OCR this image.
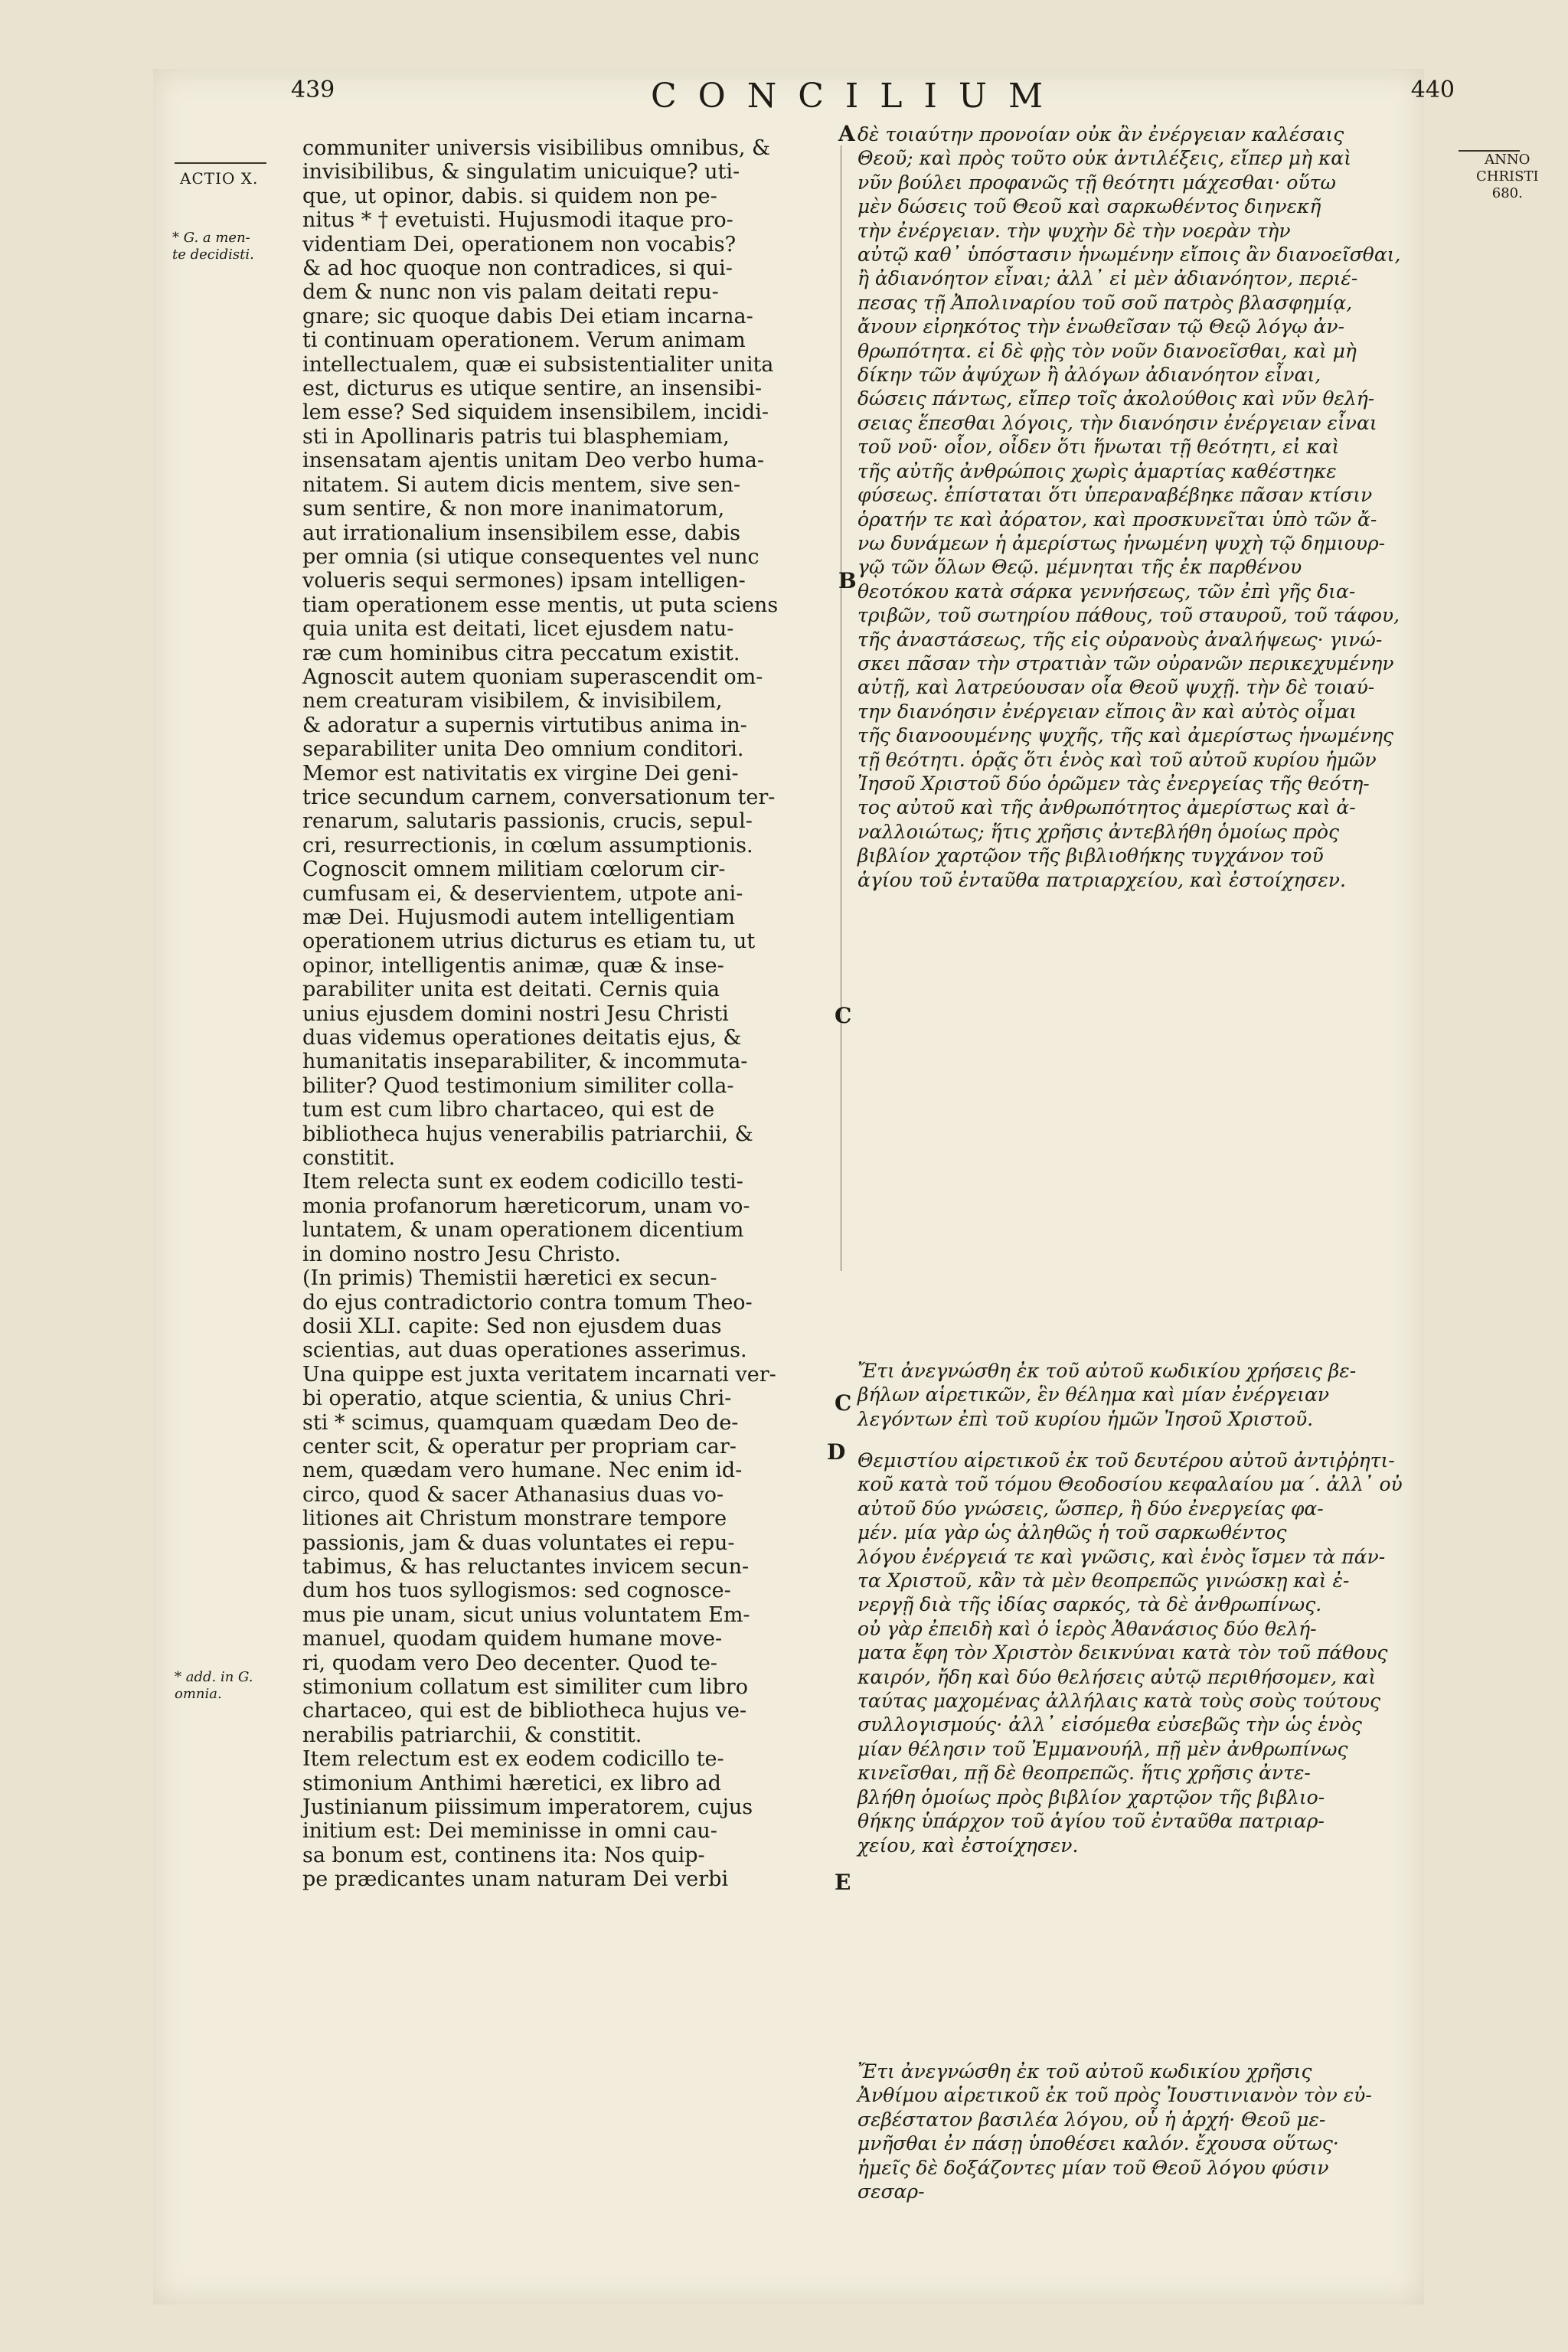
439	CONCILIUM	440
ACTIO X.
* G. a men-
te decidisti.
* add. in G.
omnia.
ANNO
CHRISTI
680.
A
B
C
C
D
E
communiter universis visibilibus omnibus, &
invisibilibus, & singulatim unicuique? uti-
que, ut opinor, dabis. si quidem non pe-
nitus * † evetuisti. Hujusmodi itaque pro-
videntiam Dei, operationem non vocabis?
& ad hoc quoque non contradices, si qui-
dem & nunc non vis palam deitati repu-
gnare; sic quoque dabis Dei etiam incarna-
ti continuam operationem. Verum animam
intellectualem, quæ ei subsistentialiter unita
est, dicturus es utique sentire, an insensibi-
lem esse? Sed siquidem insensibilem, incidi-
sti in Apollinaris patris tui blasphemiam,
insensatam ajentis unitam Deo verbo huma-
nitatem. Si autem dicis mentem, sive sen-
sum sentire, & non more inanimatorum,
aut irrationalium insensibilem esse, dabis
per omnia (si utique consequentes vel nunc
volueris sequi sermones) ipsam intelligen-
tiam operationem esse mentis, ut puta sciens
quia unita est deitati, licet ejusdem natu-
ræ cum hominibus citra peccatum existit.
Agnoscit autem quoniam superascendit om-
nem creaturam visibilem, & invisibilem,
& adoratur a supernis virtutibus anima in-
separabiliter unita Deo omnium conditori.
Memor est nativitatis ex virgine Dei geni-
trice secundum carnem, conversationum ter-
renarum, salutaris passionis, crucis, sepul-
cri, resurrectionis, in cœlum assumptionis.
Cognoscit omnem militiam cœlorum cir-
cumfusam ei, & deservientem, utpote ani-
mæ Dei. Hujusmodi autem intelligentiam
operationem utrius dicturus es etiam tu, ut
opinor, intelligentis animæ, quæ & inse-
parabiliter unita est deitati. Cernis quia
unius ejusdem domini nostri Jesu Christi
duas videmus operationes deitatis ejus, &
humanitatis inseparabiliter, & incommuta-
biliter? Quod testimonium similiter colla-
tum est cum libro chartaceo, qui est de
bibliotheca hujus venerabilis patriarchii, &
constitit.
Item relecta sunt ex eodem codicillo testi-
monia profanorum hæreticorum, unam vo-
luntatem, & unam operationem dicentium
in domino nostro Jesu Christo.
(In primis) Themistii hæretici ex secun-
do ejus contradictorio contra tomum Theo-
dosii XLI. capite: Sed non ejusdem duas
scientias, aut duas operationes asserimus.
Una quippe est juxta veritatem incarnati ver-
bi operatio, atque scientia, & unius Chri-
sti * scimus, quamquam quædam Deo de-
center scit, & operatur per propriam car-
nem, quædam vero humane. Nec enim id-
circo, quod & sacer Athanasius duas vo-
litiones ait Christum monstrare tempore
passionis, jam & duas voluntates ei repu-
tabimus, & has reluctantes invicem secun-
dum hos tuos syllogismos: sed cognosce-
mus pie unam, sicut unius voluntatem Em-
manuel, quodam quidem humane move-
ri, quodam vero Deo decenter. Quod te-
stimonium collatum est similiter cum libro
chartaceo, qui est de bibliotheca hujus ve-
nerabilis patriarchii, & constitit.
Item relectum est ex eodem codicillo te-
stimonium Anthimi hæretici, ex libro ad
Justinianum piissimum imperatorem, cujus
initium est: Dei meminisse in omni cau-
sa bonum est, continens ita: Nos quip-
pe prædicantes unam naturam Dei verbi
δὲ τοιαύτην προνοίαν οὐκ ἂν ἐνέργειαν καλέσαις
Θεοῦ; καὶ πρὸς τοῦτο οὐκ ἀντιλέξεις, εἴπερ μὴ καὶ
νῦν βούλει προφανῶς τῇ θεότητι μάχεσθαι· οὕτω
μὲν δώσεις τοῦ Θεοῦ καὶ σαρκωθέντος διηνεκῆ
τὴν ἐνέργειαν. τὴν ψυχὴν δὲ τὴν νοερὰν τὴν
αὐτῷ καθ᾽ ὑπόστασιν ἡνωμένην εἴποις ἂν διανοεῖσθαι,
ἢ ἀδιανόητον εἶναι; ἀλλ᾽ εἰ μὲν ἀδιανόητον, περιέ-
πεσας τῇ Ἀπολιναρίου τοῦ σοῦ πατρὸς βλασφημίᾳ,
ἄνουν εἰρηκότος τὴν ἑνωθεῖσαν τῷ Θεῷ λόγῳ ἀν-
θρωπότητα. εἰ δὲ φῂς τὸν νοῦν διανοεῖσθαι, καὶ μὴ
δίκην τῶν ἀψύχων ἢ ἀλόγων ἀδιανόητον εἶναι,
δώσεις πάντως, εἴπερ τοῖς ἀκολούθοις καὶ νῦν θελή-
σειας ἕπεσθαι λόγοις, τὴν διανόησιν ἐνέργειαν εἶναι
τοῦ νοῦ· οἷον, οἶδεν ὅτι ἥνωται τῇ θεότητι, εἰ καὶ
τῆς αὐτῆς ἀνθρώποις χωρὶς ἁμαρτίας καθέστηκε
φύσεως. ἐπίσταται ὅτι ὑπεραναβέβηκε πᾶσαν κτίσιν
ὁρατήν τε καὶ ἀόρατον, καὶ προσκυνεῖται ὑπὸ τῶν ἄ-
νω δυνάμεων ἡ ἀμερίστως ἡνωμένη ψυχὴ τῷ δημιουρ-
γῷ τῶν ὅλων Θεῷ. μέμνηται τῆς ἐκ παρθένου
θεοτόκου κατὰ σάρκα γεννήσεως, τῶν ἐπὶ γῆς δια-
τριβῶν, τοῦ σωτηρίου πάθους, τοῦ σταυροῦ, τοῦ τάφου,
τῆς ἀναστάσεως, τῆς εἰς οὐρανοὺς ἀναλήψεως· γινώ-
σκει πᾶσαν τὴν στρατιὰν τῶν οὐρανῶν περικεχυμένην
αὐτῇ, καὶ λατρεύουσαν οἷα Θεοῦ ψυχῇ. τὴν δὲ τοιαύ-
την διανόησιν ἐνέργειαν εἴποις ἂν καὶ αὐτὸς οἶμαι
τῆς διανοουμένης ψυχῆς, τῆς καὶ ἀμερίστως ἡνωμένης
τῇ θεότητι. ὁρᾷς ὅτι ἑνὸς καὶ τοῦ αὐτοῦ κυρίου ἡμῶν
Ἰησοῦ Χριστοῦ δύο ὁρῶμεν τὰς ἐνεργείας τῆς θεότη-
τος αὐτοῦ καὶ τῆς ἀνθρωπότητος ἀμερίστως καὶ ἀ-
ναλλοιώτως; ἥτις χρῆσις ἀντεβλήθη ὁμοίως πρὸς
βιβλίον χαρτῷον τῆς βιβλιοθήκης τυγχάνον τοῦ
ἁγίου τοῦ ἐνταῦθα πατριαρχείου, καὶ ἐστοίχησεν.
Ἔτι ἀνεγνώσθη ἐκ τοῦ αὐτοῦ κωδικίου χρήσεις βε-
βήλων αἱρετικῶν, ἓν θέλημα καὶ μίαν ἐνέργειαν
λεγόντων ἐπὶ τοῦ κυρίου ἡμῶν Ἰησοῦ Χριστοῦ.
Θεμιστίου αἱρετικοῦ ἐκ τοῦ δευτέρου αὐτοῦ ἀντιῤῥητι-
κοῦ κατὰ τοῦ τόμου Θεοδοσίου κεφαλαίου μα΄. ἀλλ᾽ οὐ
αὐτοῦ δύο γνώσεις, ὥσπερ, ἢ δύο ἐνεργείας φα-
μέν. μία γὰρ ὡς ἀληθῶς ἡ τοῦ σαρκωθέντος
λόγου ἐνέργειά τε καὶ γνῶσις, καὶ ἑνὸς ἴσμεν τὰ πάν-
τα Χριστοῦ, κἂν τὰ μὲν θεοπρεπῶς γινώσκῃ καὶ ἐ-
νεργῇ διὰ τῆς ἰδίας σαρκός, τὰ δὲ ἀνθρωπίνως.
οὐ γὰρ ἐπειδὴ καὶ ὁ ἱερὸς Ἀθανάσιος δύο θελή-
ματα ἔφη τὸν Χριστὸν δεικνύναι κατὰ τὸν τοῦ πάθους
καιρόν, ἤδη καὶ δύο θελήσεις αὐτῷ περιθήσομεν, καὶ
ταύτας μαχομένας ἀλλήλαις κατὰ τοὺς σοὺς τούτους
συλλογισμούς· ἀλλ᾽ εἰσόμεθα εὐσεβῶς τὴν ὡς ἑνὸς
μίαν θέλησιν τοῦ Ἐμμανουήλ, πῇ μὲν ἀνθρωπίνως
κινεῖσθαι, πῇ δὲ θεοπρεπῶς. ἥτις χρῆσις ἀντε-
βλήθη ὁμοίως πρὸς βιβλίον χαρτῷον τῆς βιβλιο-
θήκης ὑπάρχον τοῦ ἁγίου τοῦ ἐνταῦθα πατριαρ-
χείου, καὶ ἐστοίχησεν.
Ἔτι ἀνεγνώσθη ἐκ τοῦ αὐτοῦ κωδικίου χρῆσις
Ἀνθίμου αἱρετικοῦ ἐκ τοῦ πρὸς Ἰουστινιανὸν τὸν εὐ-
σεβέστατον βασιλέα λόγου, οὗ ἡ ἀρχή· Θεοῦ με-
μνῆσθαι ἐν πάσῃ ὑποθέσει καλόν. ἔχουσα οὕτως·
ἡμεῖς δὲ δοξάζοντες μίαν τοῦ Θεοῦ λόγου φύσιν
σεσαρ-
